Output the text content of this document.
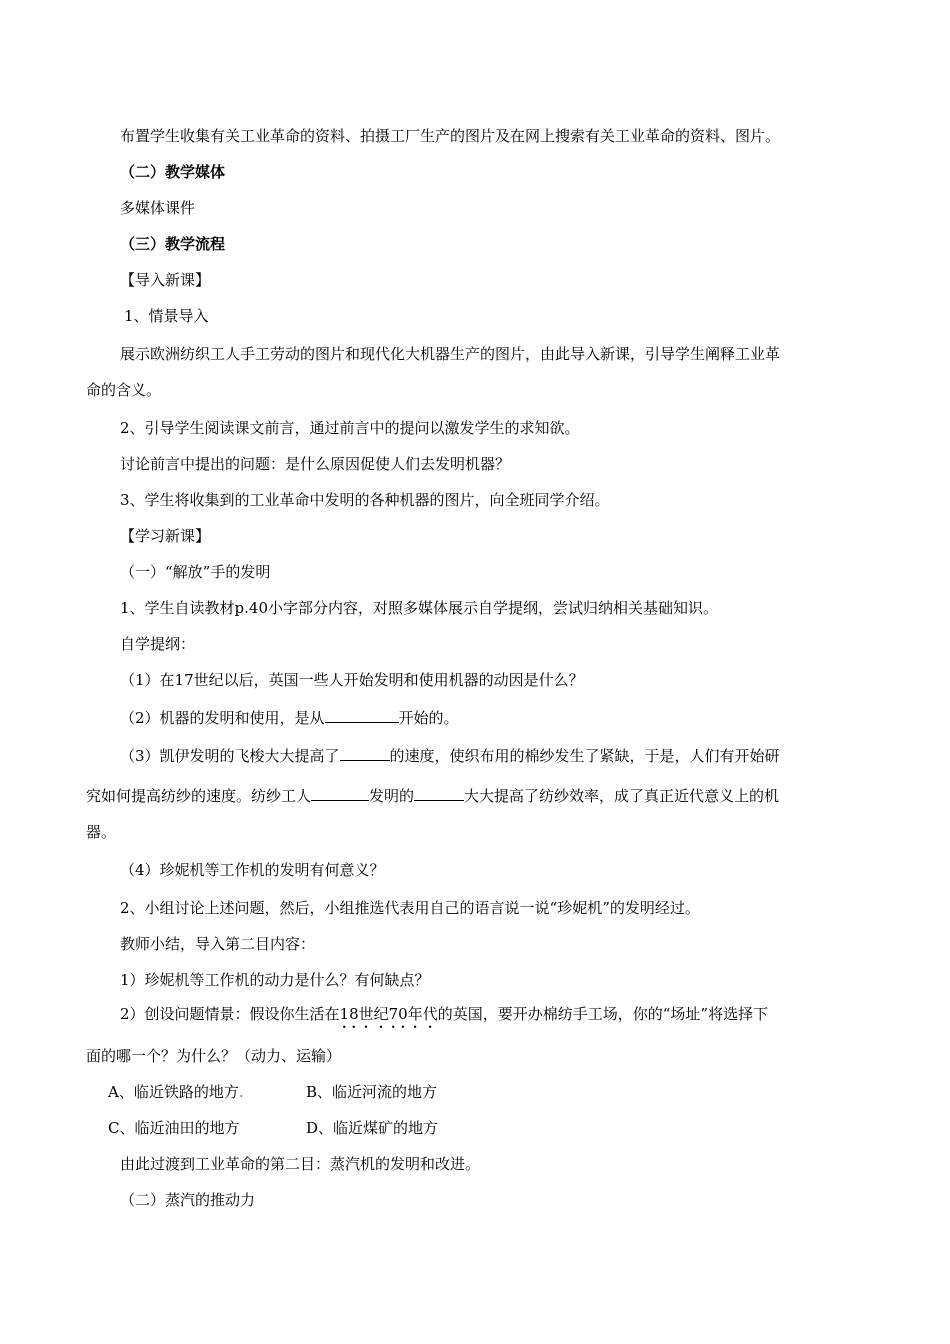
布置学生收集有关工业革命的资料、拍摄工厂生产的图片及在网上搜索有关工业革命的资料、图片。
（二）教学媒体
多媒体课件
（三）教学流程
【导入新课】
1、情景导入
展示欧洲纺织工人手工劳动的图片和现代化大机器生产的图片，由此导入新课，引导学生阐释工业革
命的含义。
2、引导学生阅读课文前言，通过前言中的提问以激发学生的求知欲。
讨论前言中提出的问题：是什么原因促使人们去发明机器？
3、学生将收集到的工业革命中发明的各种机器的图片，向全班同学介绍。
【学习新课】
（一）“解放”手的发明
1、学生自读教材p.40小字部分内容，对照多媒体展示自学提纲，尝试归纳相关基础知识。
自学提纲：
（1）在17世纪以后，英国一些人开始发明和使用机器的动因是什么？
（2）机器的发明和使用，是从	开始的。
（3）凯伊发明的飞梭大大提高了	的速度，使织布用的棉纱发生了紧缺，于是，人们有开始研
究如何提高纺纱的速度。纺纱工人	发明的	大大提高了纺纱效率，成了真正近代意义上的机
器。
（4）珍妮机等工作机的发明有何意义？
2、小组讨论上述问题，然后，小组推选代表用自己的语言说一说“珍妮机”的发明经过。
教师小结，导入第二目内容：
1）珍妮机等工作机的动力是什么？有何缺点？
2）创设问题情景：假设你生活在18世纪70年代的英国，要开办棉纺手工场，你的“场址”将选择下
面的哪一个？为什么？（动力、运输）
A、临近铁路的地方.	B、临近河流的地方
C、临近油田的地方	D、临近煤矿的地方
由此过渡到工业革命的第二目：蒸汽机的发明和改进。
（二）蒸汽的推动力
